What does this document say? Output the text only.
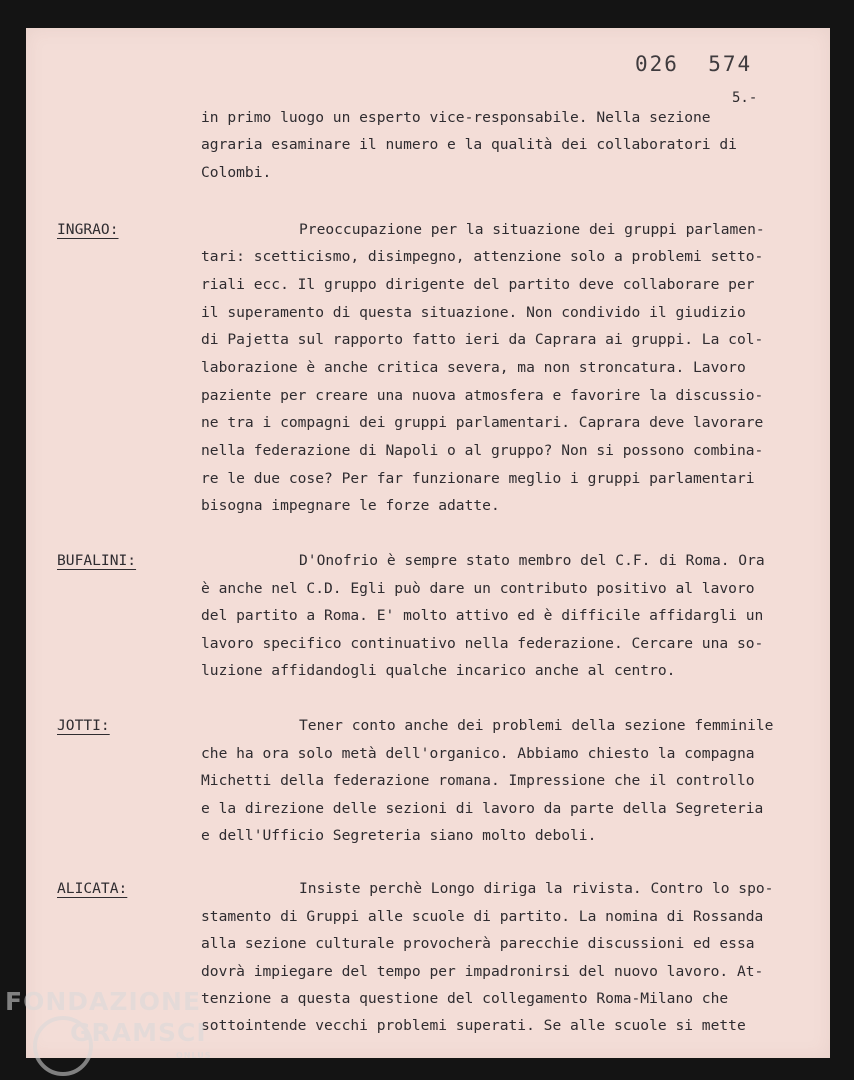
026  574
5.-
in primo luogo un esperto vice-responsabile. Nella sezione
agraria esaminare il numero e la qualità dei collaboratori di
Colombi.
INGRAO:	Preoccupazione per la situazione dei gruppi parlamen-
tari: scetticismo, disimpegno, attenzione solo a problemi setto-
riali ecc. Il gruppo dirigente del partito deve collaborare per
il superamento di questa situazione. Non condivido il giudizio
di Pajetta sul rapporto fatto ieri da Caprara ai gruppi. La col-
laborazione è anche critica severa, ma non stroncatura. Lavoro
paziente per creare una nuova atmosfera e favorire la discussio-
ne tra i compagni dei gruppi parlamentari. Caprara deve lavorare
nella federazione di Napoli o al gruppo? Non si possono combina-
re le due cose? Per far funzionare meglio i gruppi parlamentari
bisogna impegnare le forze adatte.
BUFALINI:	D'Onofrio è sempre stato membro del C.F. di Roma. Ora
è anche nel C.D. Egli può dare un contributo positivo al lavoro
del partito a Roma. E' molto attivo ed è difficile affidargli un
lavoro specifico continuativo nella federazione. Cercare una so-
luzione affidandogli qualche incarico anche al centro.
JOTTI:	Tener conto anche dei problemi della sezione femminile
che ha ora solo metà dell'organico. Abbiamo chiesto la compagna
Michetti della federazione romana. Impressione che il controllo
e la direzione delle sezioni di lavoro da parte della Segreteria
e dell'Ufficio Segreteria siano molto deboli.
ALICATA:	Insiste perchè Longo diriga la rivista. Contro lo spo-
stamento di Gruppi alle scuole di partito. La nomina di Rossanda
alla sezione culturale provocherà parecchie discussioni ed essa
dovrà impiegare del tempo per impadronirsi del nuovo lavoro. At-
tenzione a questa questione del collegamento Roma-Milano che
sottointende vecchi problemi superati. Se alle scuole si mette
FONDAZIONE
GRAMSCI
ONLUS
